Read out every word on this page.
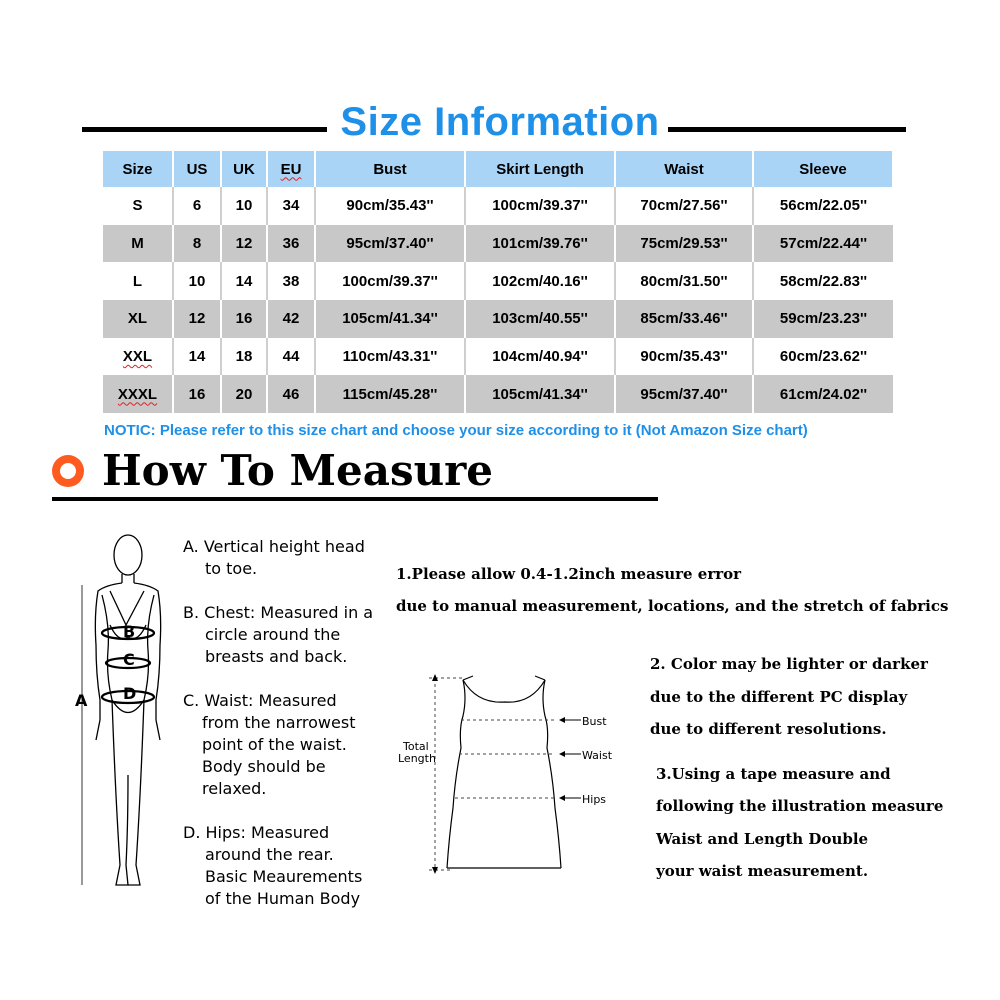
Size Information
Size	US	UK	EU	Bust	Skirt Length	Waist	Sleeve
S	6	10	34	90cm/35.43''	100cm/39.37''	70cm/27.56''	56cm/22.05''
M	8	12	36	95cm/37.40''	101cm/39.76''	75cm/29.53''	57cm/22.44''
L	10	14	38	100cm/39.37''	102cm/40.16''	80cm/31.50''	58cm/22.83''
XL	12	16	42	105cm/41.34''	103cm/40.55''	85cm/33.46''	59cm/23.23''
XXL	14	18	44	110cm/43.31''	104cm/40.94''	90cm/35.43''	60cm/23.62''
XXXL	16	20	46	115cm/45.28''	105cm/41.34''	95cm/37.40''	61cm/24.02''
NOTIC: Please refer to this size chart and choose your size according to it (Not Amazon Size chart)
How To Measure
B
C
D
A
A. Vertical height head
to toe.
B. Chest: Measured in a
circle around the
breasts and back.
C. Waist: Measured
from the narrowest
point of the waist.
Body should be
relaxed.
D. Hips: Measured
around the rear.
Basic Meaurements
of the Human Body
1.Please allow 0.4-1.2inch measure error
due to manual measurement, locations, and the stretch of fabrics
2. Color may be lighter or darker
due to the different PC display
due to different resolutions.
3.Using a tape measure and
following the illustration measure
Waist and Length Double
your waist measurement.
Bust
Waist
Hips
Total
Length
